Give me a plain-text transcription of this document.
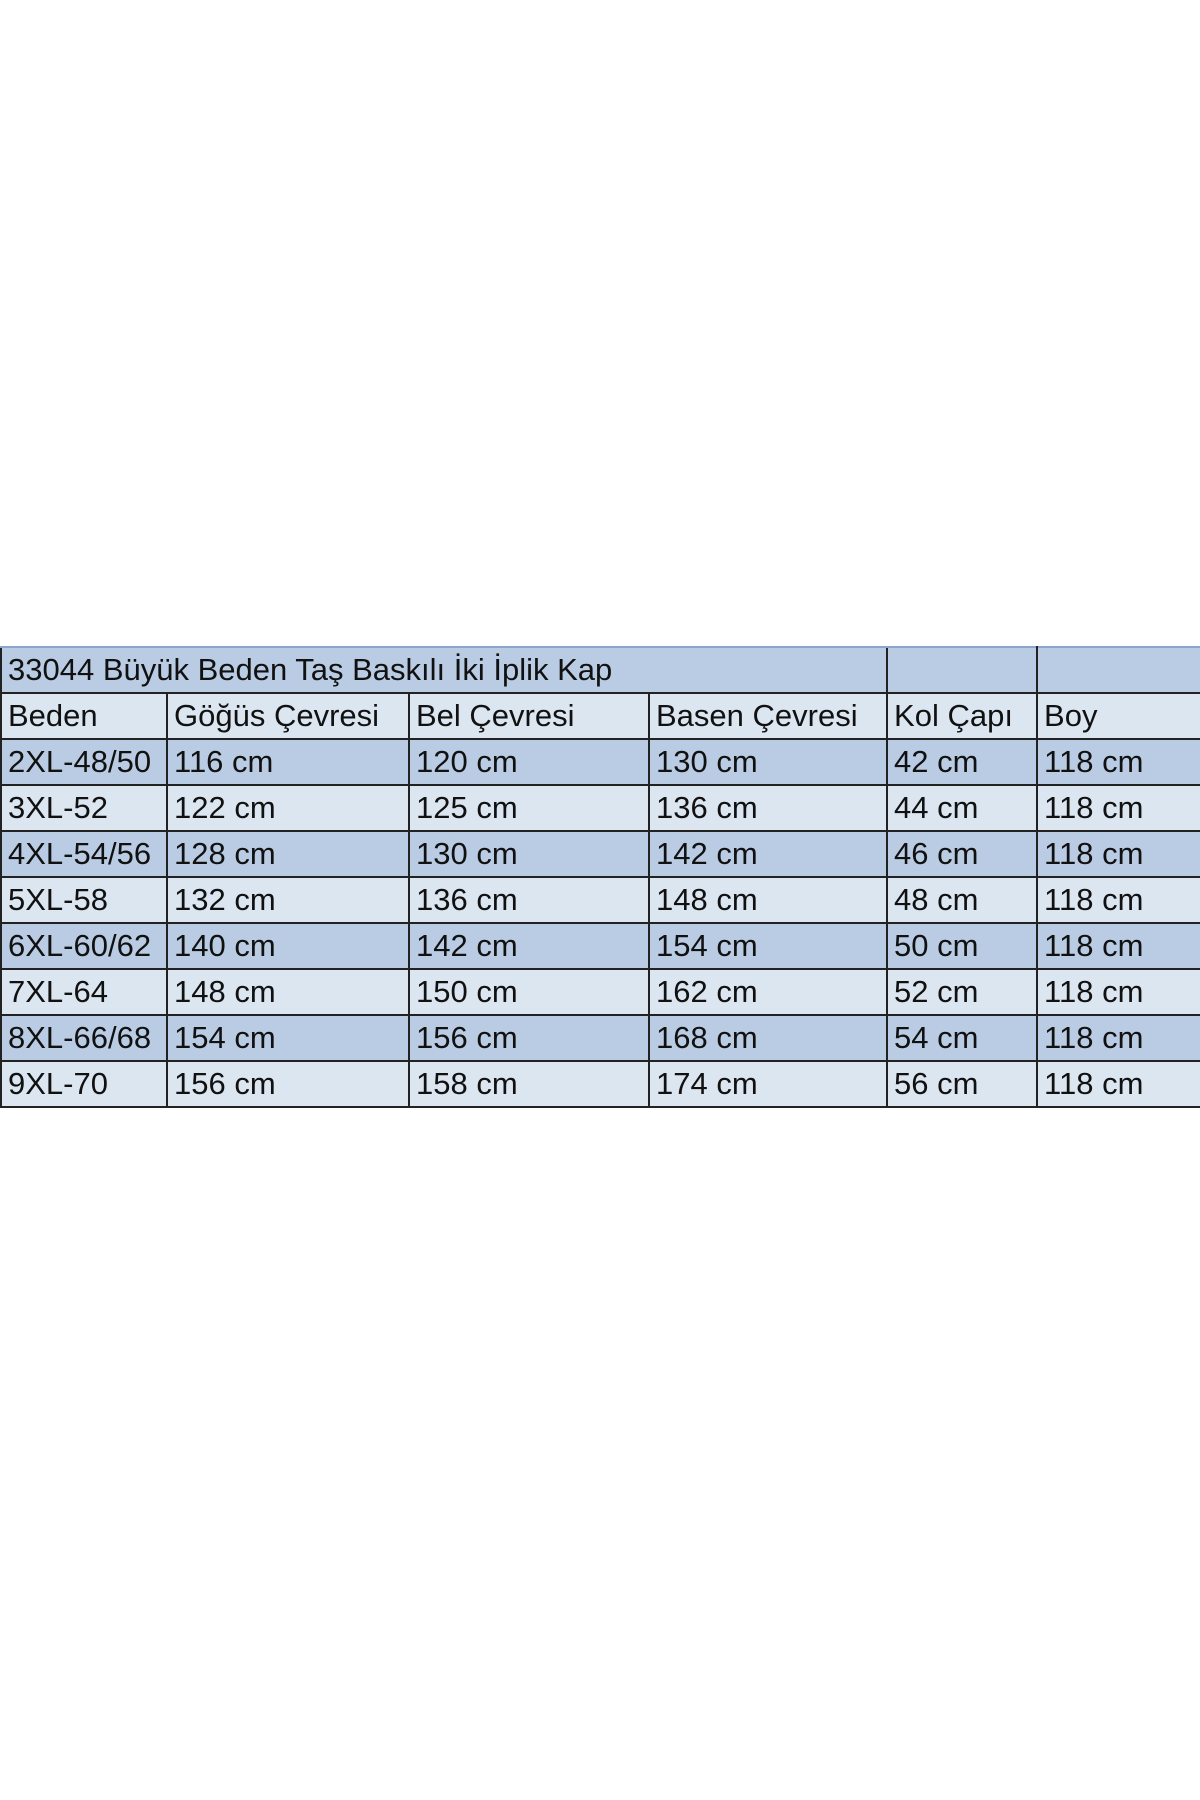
33044 Büyük Beden Taş Baskılı İki İplik Kap					
Beden	Göğüs Çevresi	Bel Çevresi	Basen Çevresi	Kol Çapı	Boy
2XL-48/50	116 cm	120 cm	130 cm	42 cm	118 cm
3XL-52	122 cm	125 cm	136 cm	44 cm	118 cm
4XL-54/56	128 cm	130 cm	142 cm	46 cm	118 cm
5XL-58	132 cm	136 cm	148 cm	48 cm	118 cm
6XL-60/62	140 cm	142 cm	154 cm	50 cm	118 cm
7XL-64	148 cm	150 cm	162 cm	52 cm	118 cm
8XL-66/68	154 cm	156 cm	168 cm	54 cm	118 cm
9XL-70	156 cm	158 cm	174 cm	56 cm	118 cm
